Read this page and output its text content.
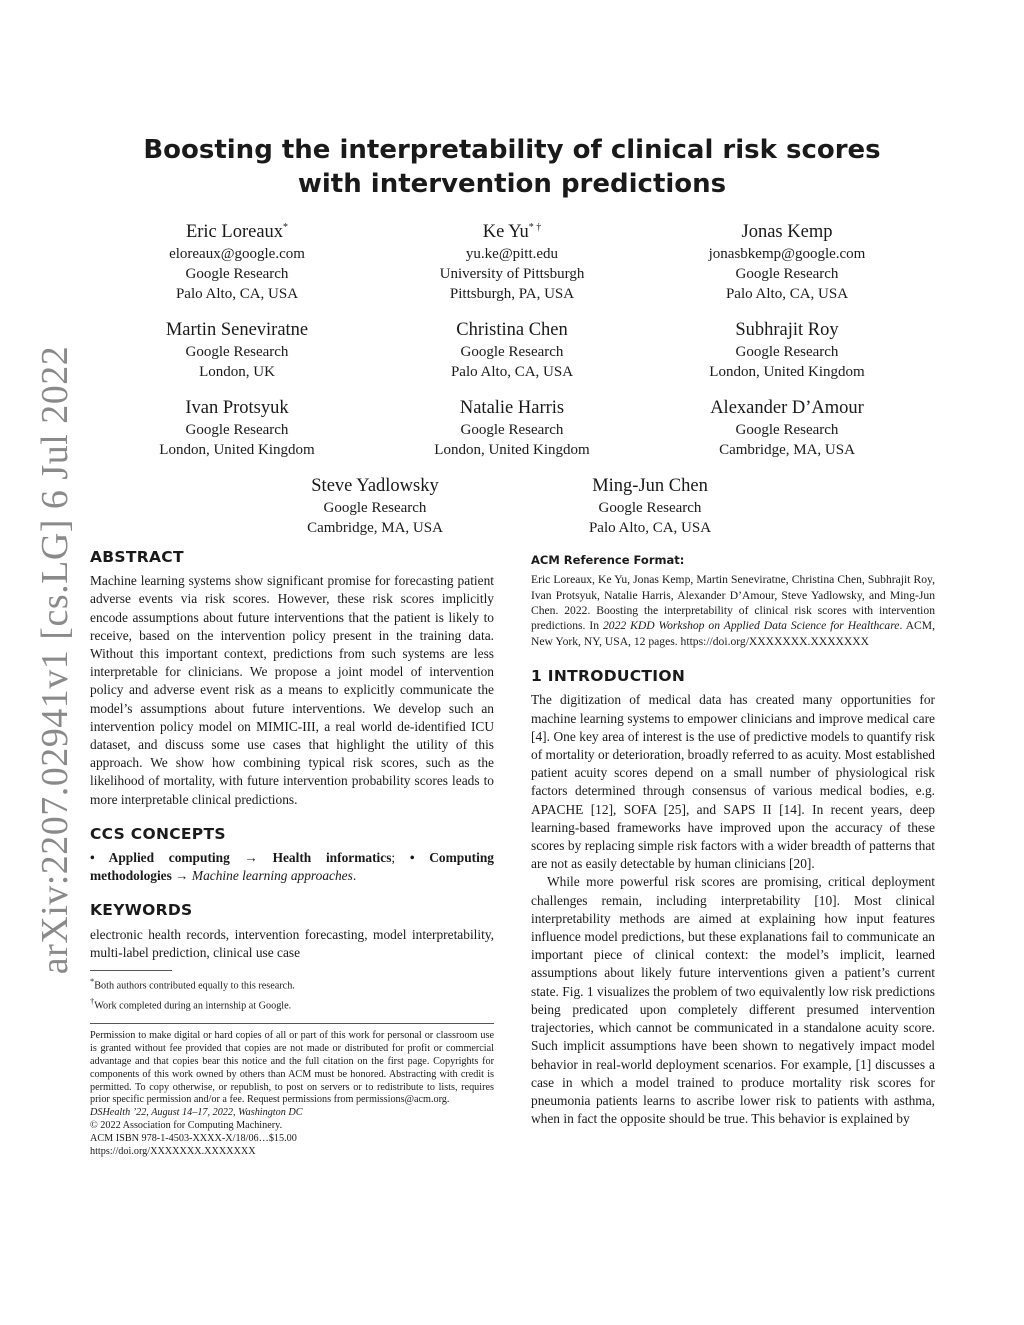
arXiv:2207.02941v1 [cs.LG] 6 Jul 2022
Boosting the interpretability of clinical risk scores with intervention predictions
Eric Loreaux*
eloreaux@google.com
Google Research
Palo Alto, CA, USA
Ke Yu* †
yu.ke@pitt.edu
University of Pittsburgh
Pittsburgh, PA, USA
Jonas Kemp
jonasbkemp@google.com
Google Research
Palo Alto, CA, USA
Martin Seneviratne
Google Research
London, UK
Christina Chen
Google Research
Palo Alto, CA, USA
Subhrajit Roy
Google Research
London, United Kingdom
Ivan Protsyuk
Google Research
London, United Kingdom
Natalie Harris
Google Research
London, United Kingdom
Alexander D’Amour
Google Research
Cambridge, MA, USA
Steve Yadlowsky
Google Research
Cambridge, MA, USA
Ming-Jun Chen
Google Research
Palo Alto, CA, USA
ABSTRACT

Machine learning systems show significant promise for forecasting patient adverse events via risk scores. However, these risk scores implicitly encode assumptions about future interventions that the patient is likely to receive, based on the intervention policy present in the training data. Without this important context, predictions from such systems are less interpretable for clinicians. We propose a joint model of intervention policy and adverse event risk as a means to explicitly communicate the model’s assumptions about future interventions. We develop such an intervention policy model on MIMIC-III, a real world de-identified ICU dataset, and discuss some use cases that highlight the utility of this approach. We show how combining typical risk scores, such as the likelihood of mortality, with future intervention probability scores leads to more interpretable clinical predictions.

CCS CONCEPTS

• Applied computing → Health informatics; • Computing methodologies → Machine learning approaches.

KEYWORDS

electronic health records, intervention forecasting, model interpretability, multi-label prediction, clinical use case

*Both authors contributed equally to this research.
†Work completed during an internship at Google.

Permission to make digital or hard copies of all or part of this work for personal or classroom use is granted without fee provided that copies are not made or distributed for profit or commercial advantage and that copies bear this notice and the full citation on the first page. Copyrights for components of this work owned by others than ACM must be honored. Abstracting with credit is permitted. To copy otherwise, or republish, to post on servers or to redistribute to lists, requires prior specific permission and/or a fee. Request permissions from permissions@acm.org.

DSHealth ’22, August 14–17, 2022, Washington DC
© 2022 Association for Computing Machinery.
ACM ISBN 978-1-4503-XXXX-X/18/06…$15.00
https://doi.org/XXXXXXX.XXXXXXX
ACM Reference Format:

Eric Loreaux, Ke Yu, Jonas Kemp, Martin Seneviratne, Christina Chen, Subhrajit Roy, Ivan Protsyuk, Natalie Harris, Alexander D’Amour, Steve Yadlowsky, and Ming-Jun Chen. 2022. Boosting the interpretability of clinical risk scores with intervention predictions. In 2022 KDD Workshop on Applied Data Science for Healthcare. ACM, New York, NY, USA, 12 pages. https://doi.org/XXXXXXX.XXXXXXX

1 INTRODUCTION

The digitization of medical data has created many opportunities for machine learning systems to empower clinicians and improve medical care [4]. One key area of interest is the use of predictive models to quantify risk of mortality or deterioration, broadly referred to as acuity. Most established patient acuity scores depend on a small number of physiological risk factors determined through consensus of various medical bodies, e.g. APACHE [12], SOFA [25], and SAPS II [14]. In recent years, deep learning-based frameworks have improved upon the accuracy of these scores by replacing simple risk factors with a wider breadth of patterns that are not as easily detectable by human clinicians [20].

While more powerful risk scores are promising, critical deployment challenges remain, including interpretability [10]. Most clinical interpretability methods are aimed at explaining how input features influence model predictions, but these explanations fail to communicate an important piece of clinical context: the model’s implicit, learned assumptions about likely future interventions given a patient’s current state. Fig. 1 visualizes the problem of two equivalently low risk predictions being predicated upon completely different presumed intervention trajectories, which cannot be communicated in a standalone acuity score. Such implicit assumptions have been shown to negatively impact model behavior in real-world deployment scenarios. For example, [1] discusses a case in which a model trained to produce mortality risk scores for pneumonia patients learns to ascribe lower risk to patients with asthma, when in fact the opposite should be true. This behavior is explained by
